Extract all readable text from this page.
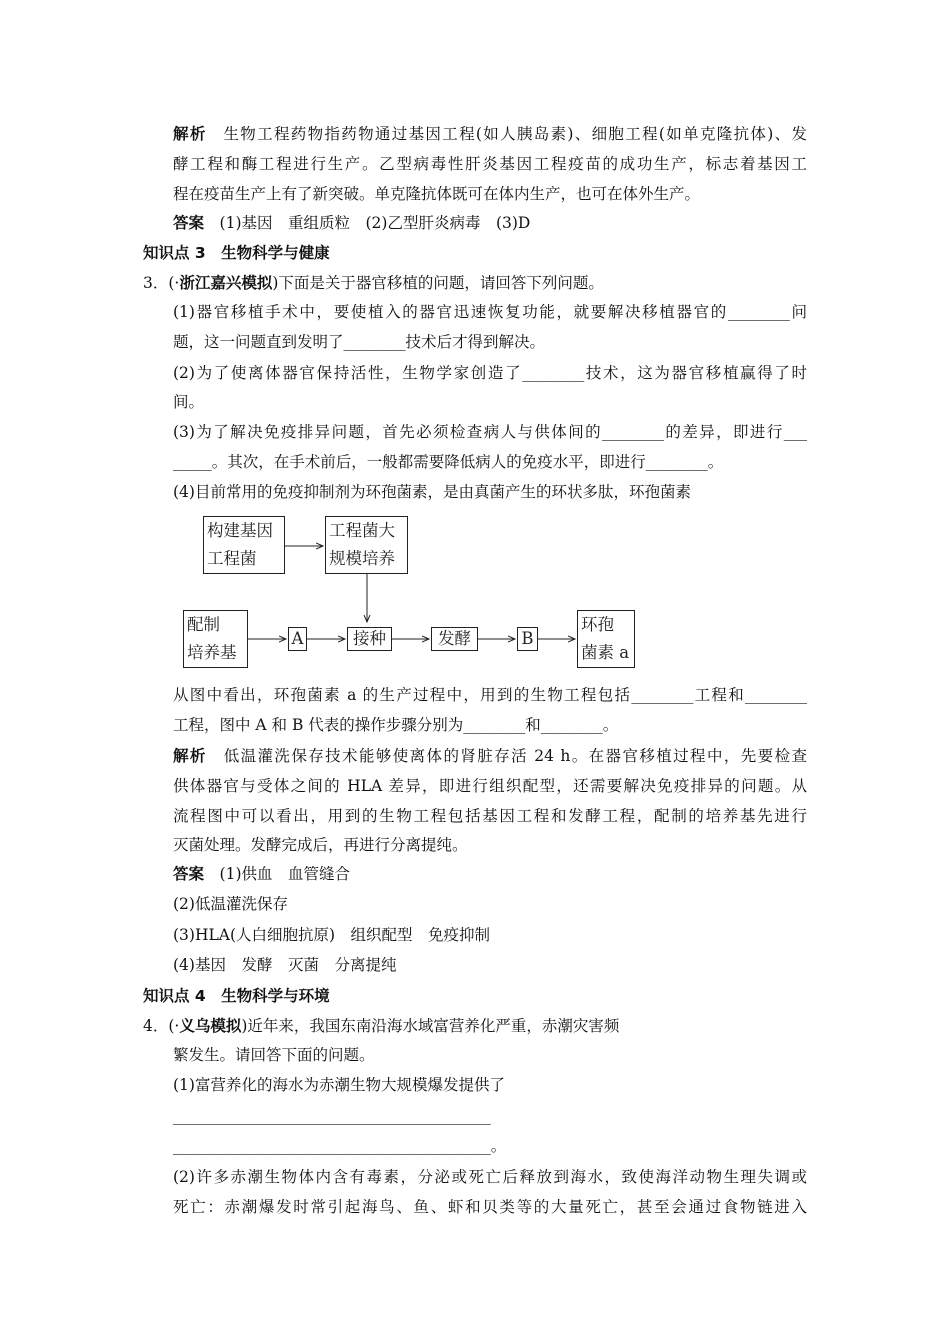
解析　 生物工程药物指药物通过基因工程(如人胰岛素)、细胞工程(如单克隆抗体)、发
酵工程和酶工程进行生产。乙型病毒性肝炎基因工程疫苗的成功生产，标志着基因工
程在疫苗生产上有了新突破。单克隆抗体既可在体内生产，也可在体外生产。
答案　 (1)基因　重组质粒　(2)乙型肝炎病毒　(3)D
知识点 3　生物科学与健康
3．(·浙江嘉兴模拟)下面是关于器官移植的问题，请回答下列问题。
(1)器官移植手术中，要使植入的器官迅速恢复功能，就要解决移植器官的________问
题，这一问题直到发明了________技术后才得到解决。
(2)为了使离体器官保持活性，生物学家创造了________技术，这为器官移植赢得了时
间。
(3)为了解决免疫排异问题，首先必须检查病人与供体间的________的差异，即进行___
_____。其次，在手术前后，一般都需要降低病人的免疫水平，即进行________。
(4)目前常用的免疫抑制剂为环孢菌素，是由真菌产生的环状多肽，环孢菌素
构建基因
工程菌
工程菌大
规模培养
配制
培养基
A	接种	发酵	B
环孢
菌素 a
从图中看出，环孢菌素 a 的生产过程中，用到的生物工程包括________工程和________
工程，图中 A 和 B 代表的操作步骤分别为________和________。
解析　 低温灌洗保存技术能够使离体的肾脏存活 24 h。在器官移植过程中，先要检查
供体器官与受体之间的 HLA 差异，即进行组织配型，还需要解决免疫排异的问题。从
流程图中可以看出，用到的生物工程包括基因工程和发酵工程，配制的培养基先进行
灭菌处理。发酵完成后，再进行分离提纯。
答案　 (1)供血　血管缝合
(2)低温灌洗保存
(3)HLA(人白细胞抗原)　组织配型　免疫抑制
(4)基因　发酵　灭菌　分离提纯
知识点 4　生物科学与环境
4．(·义乌模拟)近年来，我国东南沿海水域富营养化严重，赤潮灾害频
繁发生。请回答下面的问题。
(1)富营养化的海水为赤潮生物大规模爆发提供了
_________________________________________
_________________________________________。
(2)许多赤潮生物体内含有毒素，分泌或死亡后释放到海水，致使海洋动物生理失调或
死亡：赤潮爆发时常引起海鸟、鱼、虾和贝类等的大量死亡，甚至会通过食物链进入
